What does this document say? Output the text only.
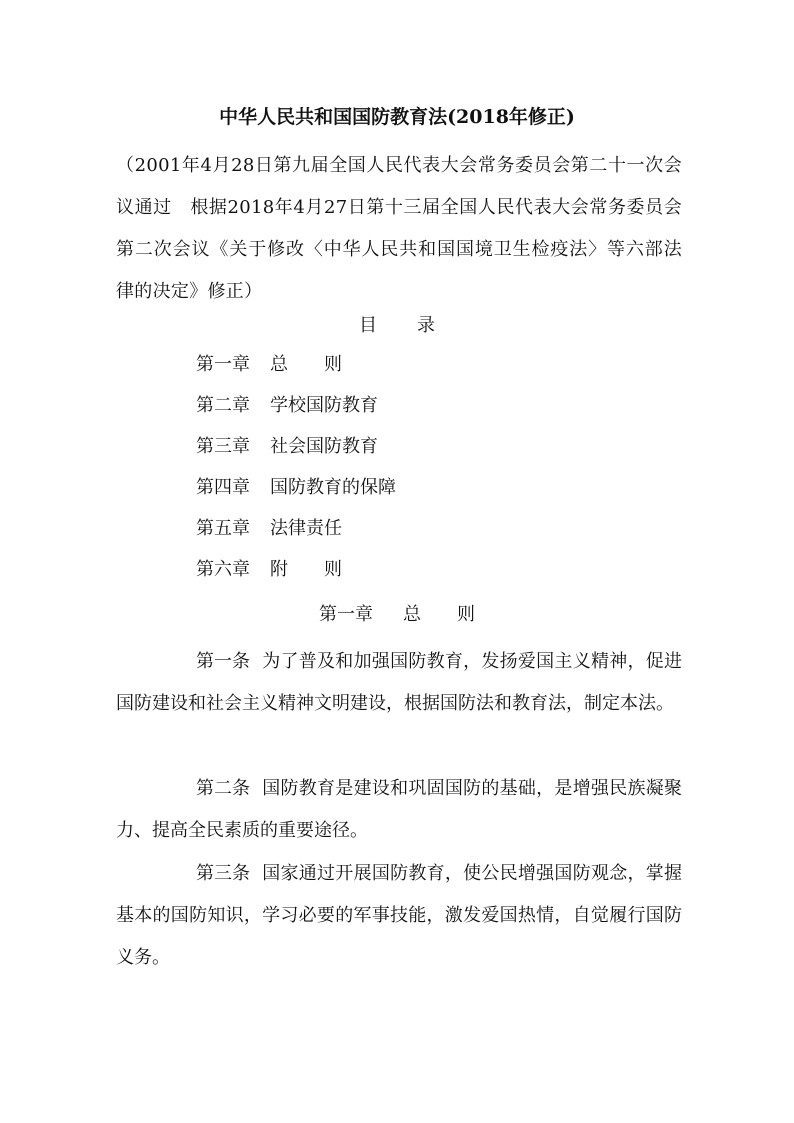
中华人民共和国国防教育法(2018年修正)
（2001年4月28日第九届全国人民代表大会常务委员会第二十一次会议通过　根据2018年4月27日第十三届全国人民代表大会常务委员会第二次会议《关于修改〈中华人民共和国国境卫生检疫法〉等六部法律的决定》修正）
目 录
第一章 总　　则
第二章 学校国防教育
第三章 社会国防教育
第四章 国防教育的保障
第五章 法律责任
第六章 附　　则
第一章 总　　则
第一条 为了普及和加强国防教育，发扬爱国主义精神，促进国防建设和社会主义精神文明建设，根据国防法和教育法，制定本法。
第二条 国防教育是建设和巩固国防的基础，是增强民族凝聚力、提高全民素质的重要途径。
第三条 国家通过开展国防教育，使公民增强国防观念，掌握基本的国防知识，学习必要的军事技能，激发爱国热情，自觉履行国防义务。
